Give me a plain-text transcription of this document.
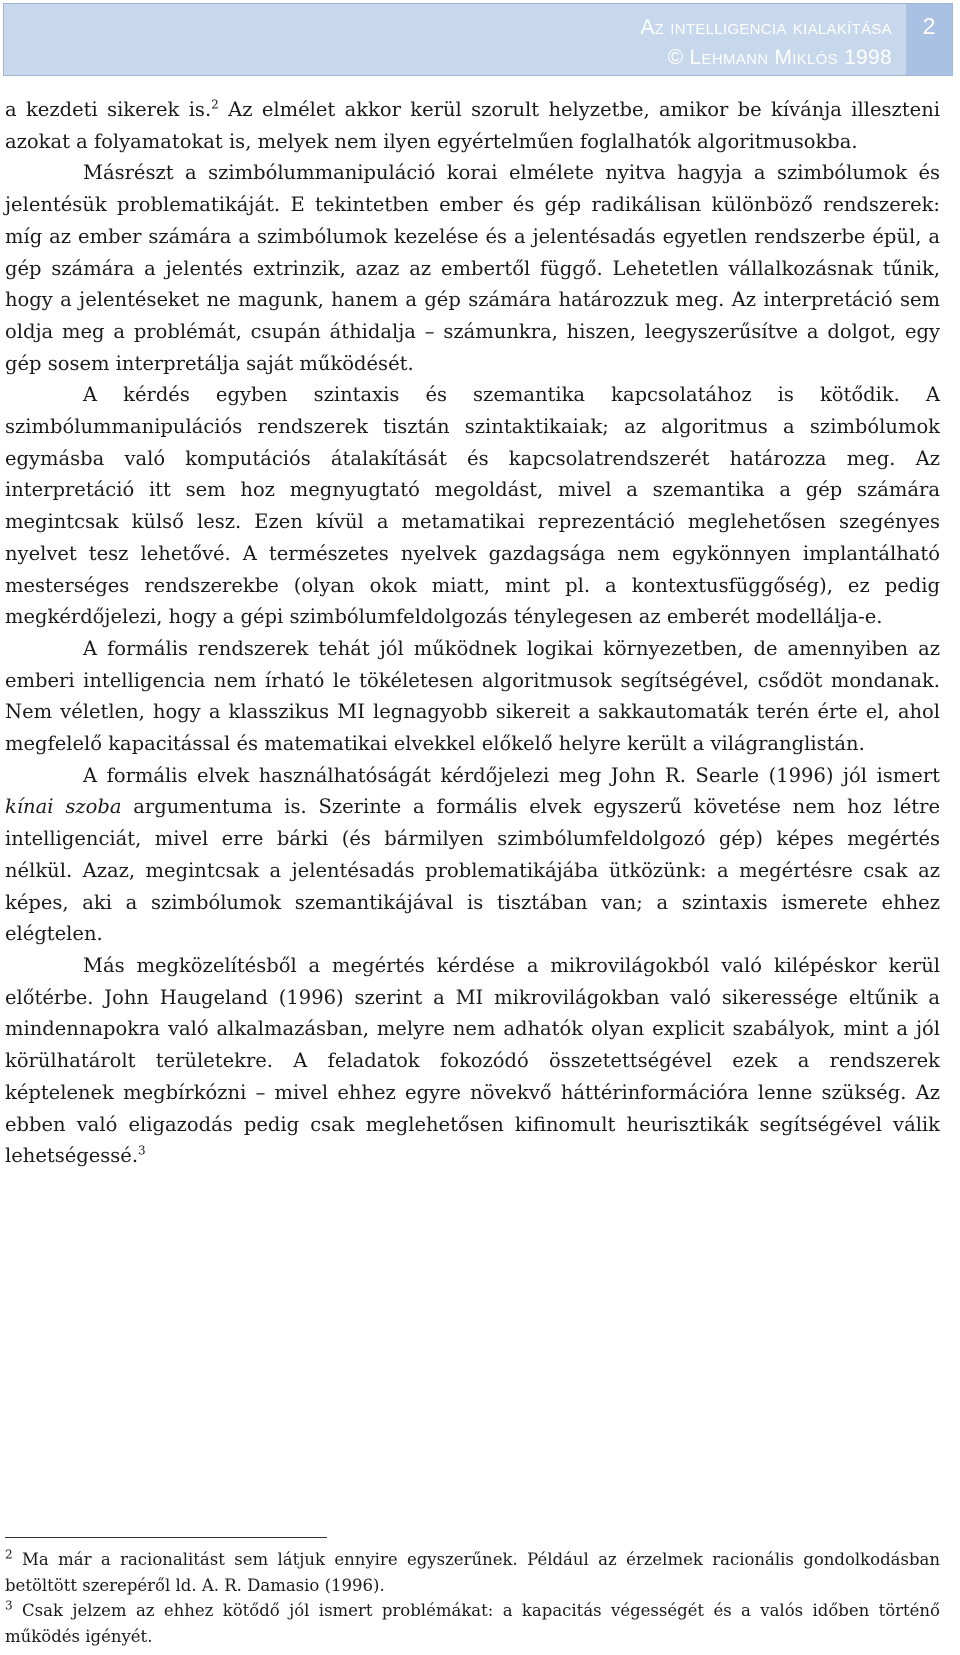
Az intelligencia kialakítása
© Lehmann Miklós 1998
2

a kezdeti sikerek is.$^2$ Az elmélet akkor kerül szorult helyzetbe, amikor be kívánja illeszteni azokat a folyamatokat is, melyek nem ilyen egyértelműen foglalhatók algoritmusokba.

Másrészt a szimbólummanipuláció korai elmélete nyitva hagyja a szimbólumok és jelentésük problematikáját. E tekintetben ember és gép radikálisan különböző rendszerek: míg az ember számára a szimbólumok kezelése és a jelentésadás egyetlen rendszerbe épül, a gép számára a jelentés extrinzik, azaz az embertől függő. Lehetetlen vállalkozásnak tűnik, hogy a jelentéseket ne magunk, hanem a gép számára határozzuk meg. Az interpretáció sem oldja meg a problémát, csupán áthidalja – számunkra, hiszen, leegyszerűsítve a dolgot, egy gép sosem interpretálja saját működését.

A kérdés egyben szintaxis és szemantika kapcsolatához is kötődik. A szimbólummanipulációs rendszerek tisztán szintaktikaiak; az algoritmus a szimbólumok egymásba való komputációs átalakítását és kapcsolatrendszerét határozza meg. Az interpretáció itt sem hoz megnyugtató megoldást, mivel a szemantika a gép számára megintcsak külső lesz. Ezen kívül a metamatikai reprezentáció meglehetősen szegényes nyelvet tesz lehetővé. A természetes nyelvek gazdagsága nem egykönnyen implantálható mesterséges rendszerekbe (olyan okok miatt, mint pl. a kontextusfüggőség), ez pedig megkérdőjelezi, hogy a gépi szimbólumfeldolgozás ténylegesen az emberét modellálja-e.

A formális rendszerek tehát jól működnek logikai környezetben, de amennyiben az emberi intelligencia nem írható le tökéletesen algoritmusok segítségével, csődöt mondanak. Nem véletlen, hogy a klasszikus MI legnagyobb sikereit a sakkautomaták terén érte el, ahol megfelelő kapacitással és matematikai elvekkel előkelő helyre került a világranglistán.

A formális elvek használhatóságát kérdőjelezi meg John R. Searle (1996) jól ismert kínai szoba argumentuma is. Szerinte a formális elvek egyszerű követése nem hoz létre intelligenciát, mivel erre bárki (és bármilyen szimbólumfeldolgozó gép) képes megértés nélkül. Azaz, megintcsak a jelentésadás problematikájába ütközünk: a megértésre csak az képes, aki a szimbólumok szemantikájával is tisztában van; a szintaxis ismerete ehhez elégtelen.

Más megközelítésből a megértés kérdése a mikrovilágokból való kilépéskor kerül előtérbe. John Haugeland (1996) szerint a MI mikrovilágokban való sikeressége eltűnik a mindennapokra való alkalmazásban, melyre nem adhatók olyan explicit szabályok, mint a jól körülhatárolt területekre. A feladatok fokozódó összetettségével ezek a rendszerek képtelenek megbírkózni – mivel ehhez egyre növekvő háttérinformációra lenne szükség. Az ebben való eligazodás pedig csak meglehetősen kifinomult heurisztikák segítségével válik lehetségessé.$^3$

$^2$ Ma már a racionalitást sem látjuk ennyire egyszerűnek. Például az érzelmek racionális gondolkodásban betöltött szerepéről ld. A. R. Damasio (1996).

$^3$ Csak jelzem az ehhez kötődő jól ismert problémákat: a kapacitás végességét és a valós időben történő működés igényét.
